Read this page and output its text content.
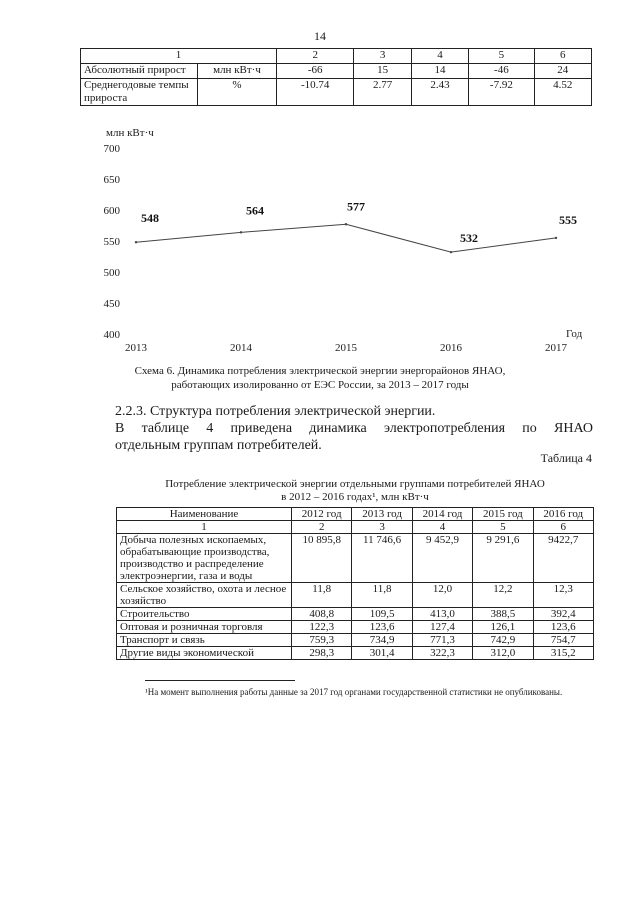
14
1		2	3	4	5	6
Абсолютный прирост	млн кВт·ч	-66	15	14	-46	24
Среднегодовые темпы прироста	%	-10.74	2.77	2.43	-7.92	4.52
млн кВт·ч
400
450
500
550
600
650
700
2013	2014	2015	2016	2017
Год
548
564	577
532
555
Схема 6. Динамика потребления электрической энергии энергорайонов ЯНАО,
работающих изолированно от ЕЭС России, за 2013 – 2017 годы
2.2.3. Структура потребления электрической энергии.
В таблице 4 приведена динамика электропотребления по ЯНАО
отдельным группам потребителей.
Таблица 4
Потребление электрической энергии отдельными группами потребителей ЯНАО
в 2012 – 2016 годах¹, млн кВт·ч
Наименование	2012 год	2013 год	2014 год	2015 год	2016 год
1	2	3	4	5	6
Добыча полезных ископаемых, обрабатывающие производства, производство и распределение электроэнергии, газа и воды	10 895,8	11 746,6	9 452,9	9 291,6	9422,7
Сельское хозяйство, охота и лесное хозяйство	11,8	11,8	12,0	12,2	12,3
Строительство	408,8	109,5	413,0	388,5	392,4
Оптовая и розничная торговля	122,3	123,6	127,4	126,1	123,6
Транспорт и связь	759,3	734,9	771,3	742,9	754,7
Другие виды экономической	298,3	301,4	322,3	312,0	315,2
¹На момент выполнения работы данные за 2017 год органами государственной статистики не опубликованы.
